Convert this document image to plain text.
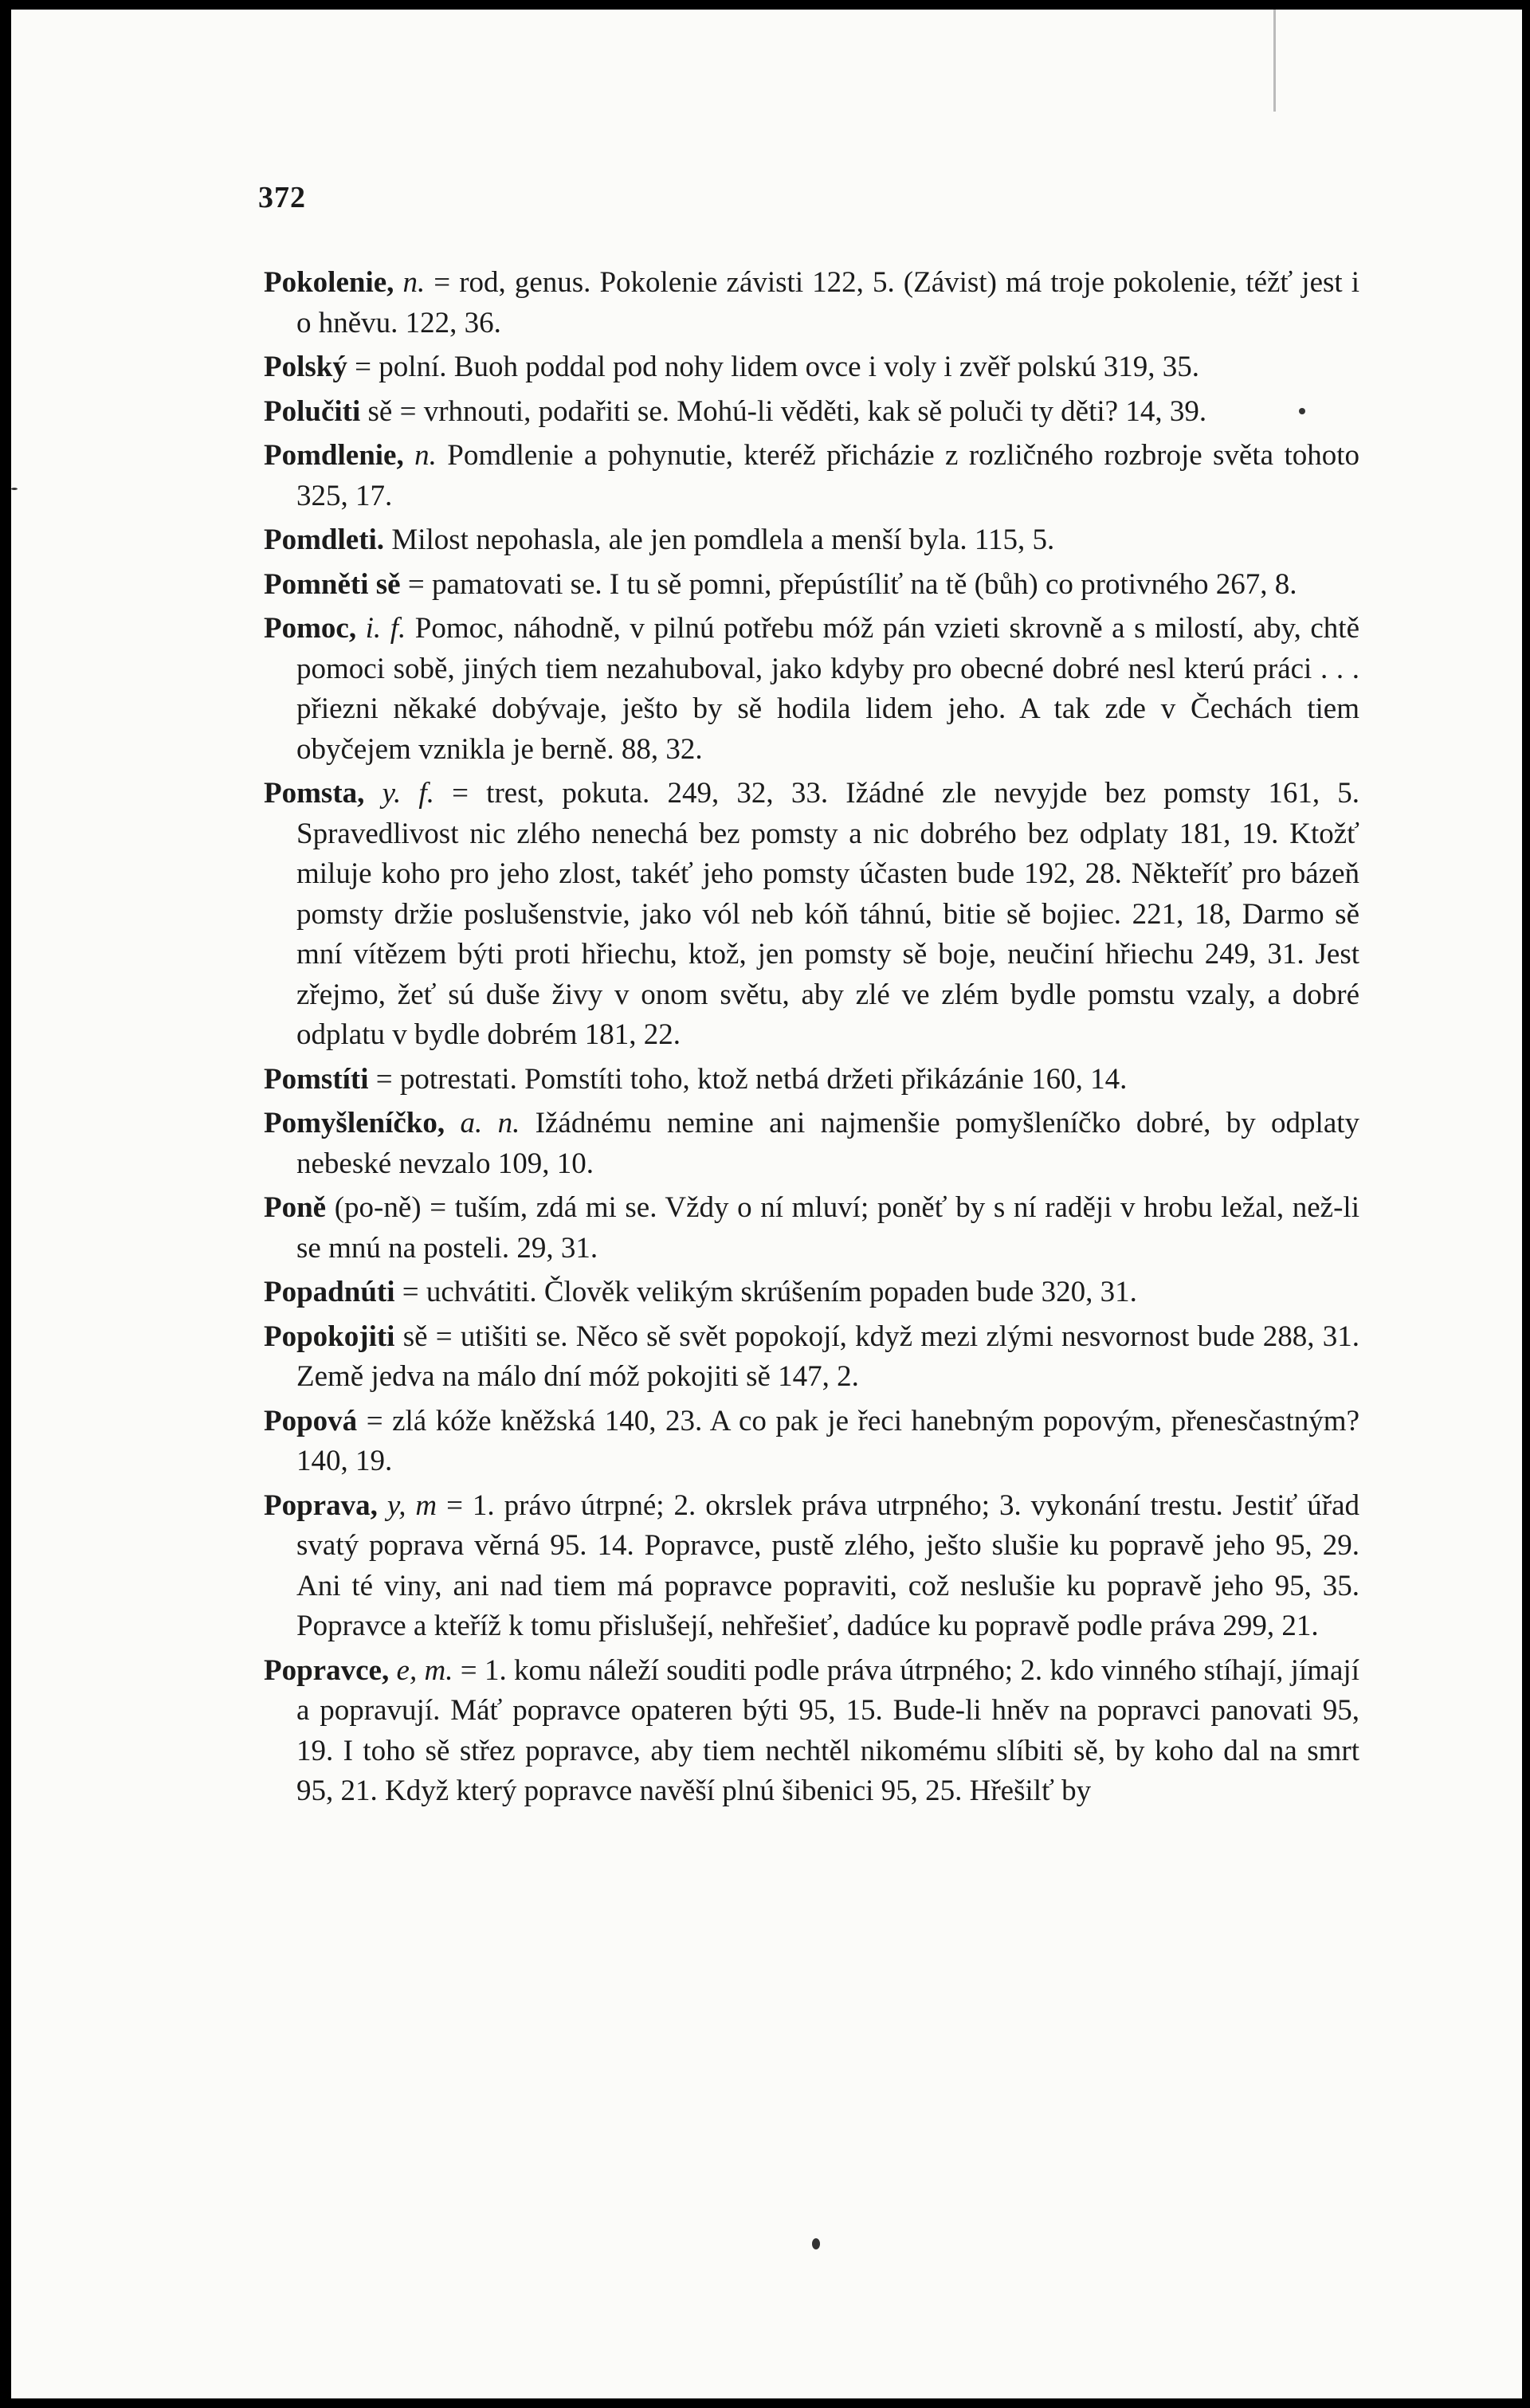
372

Pokolenie, n. = rod, genus. Pokolenie závisti 122, 5. (Závist) má troje pokolenie, téžť jest i o hněvu. 122, 36.

Polský = polní. Buoh poddal pod nohy lidem ovce i voly i zvěř polskú 319, 35.

Polučiti sě = vrhnouti, podařiti se. Mohú-li věděti, kak sě poluči ty děti? 14, 39.

Pomdlenie, n. Pomdlenie a pohynutie, kteréž přicházie z rozličného rozbroje světa tohoto 325, 17.

Pomdleti. Milost nepohasla, ale jen pomdlela a menší byla. 115, 5.

Pomněti sě = pamatovati se. I tu sě pomni, přepústíliť na tě (bůh) co protivného 267, 8.

Pomoc, i. f. Pomoc, náhodně, v pilnú potřebu móž pán vzieti skrovně a s milostí, aby, chtě pomoci sobě, jiných tiem nezahuboval, jako kdyby pro obecné dobré nesl kterú práci . . . přiezni někaké dobývaje, ješto by sě hodila lidem jeho. A tak zde v Čechách tiem obyčejem vznikla je berně. 88, 32.

Pomsta, y. f. = trest, pokuta. 249, 32, 33. Ižádné zle nevyjde bez pomsty 161, 5. Spravedlivost nic zlého nenechá bez pomsty a nic dobrého bez odplaty 181, 19. Ktožť miluje koho pro jeho zlost, takéť jeho pomsty účasten bude 192, 28. Někteříť pro bázeň pomsty držie poslušenstvie, jako vól neb kóň táhnú, bitie sě bojiec. 221, 18, Darmo sě mní vítězem býti proti hřiechu, ktož, jen pomsty sě boje, neučiní hřiechu 249, 31. Jest zřejmo, žeť sú duše živy v onom světu, aby zlé ve zlém bydle pomstu vzaly, a dobré odplatu v bydle dobrém 181, 22.

Pomstíti = potrestati. Pomstíti toho, ktož netbá držeti přikázánie 160, 14.

Pomyšleníčko, a. n. Ižádnému nemine ani najmenšie pomyšleníčko dobré, by odplaty nebeské nevzalo 109, 10.

Poně (po-ně) = tuším, zdá mi se. Vždy o ní mluví; poněť by s ní raději v hrobu ležal, než-li se mnú na posteli. 29, 31.

Popadnúti = uchvátiti. Člověk velikým skrúšením popaden bude 320, 31.

Popokojiti sě = utišiti se. Něco sě svět popokojí, když mezi zlými nesvornost bude 288, 31. Země jedva na málo dní móž pokojiti sě 147, 2.

Popová = zlá kóže kněžská 140, 23. A co pak je řeci hanebným popovým, přenesčastným? 140, 19.

Poprava, y, m = 1. právo útrpné; 2. okrslek práva utrpného; 3. vykonání trestu. Jestiť úřad svatý poprava věrná 95. 14. Popravce, pustě zlého, ješto slušie ku popravě jeho 95, 29. Ani té viny, ani nad tiem má popravce popraviti, což neslušie ku popravě jeho 95, 35. Popravce a kteříž k tomu přislušejí, nehřešieť, dadúce ku popravě podle práva 299, 21.

Popravce, e, m. = 1. komu náleží souditi podle práva útrpného; 2. kdo vinného stíhají, jímají a popravují. Máť popravce opateren býti 95, 15. Bude-li hněv na popravci panovati 95, 19. I toho sě střez popravce, aby tiem nechtěl nikomému slíbiti sě, by koho dal na smrt 95, 21. Když který popravce navěší plnú šibenici 95, 25. Hřešilť by
